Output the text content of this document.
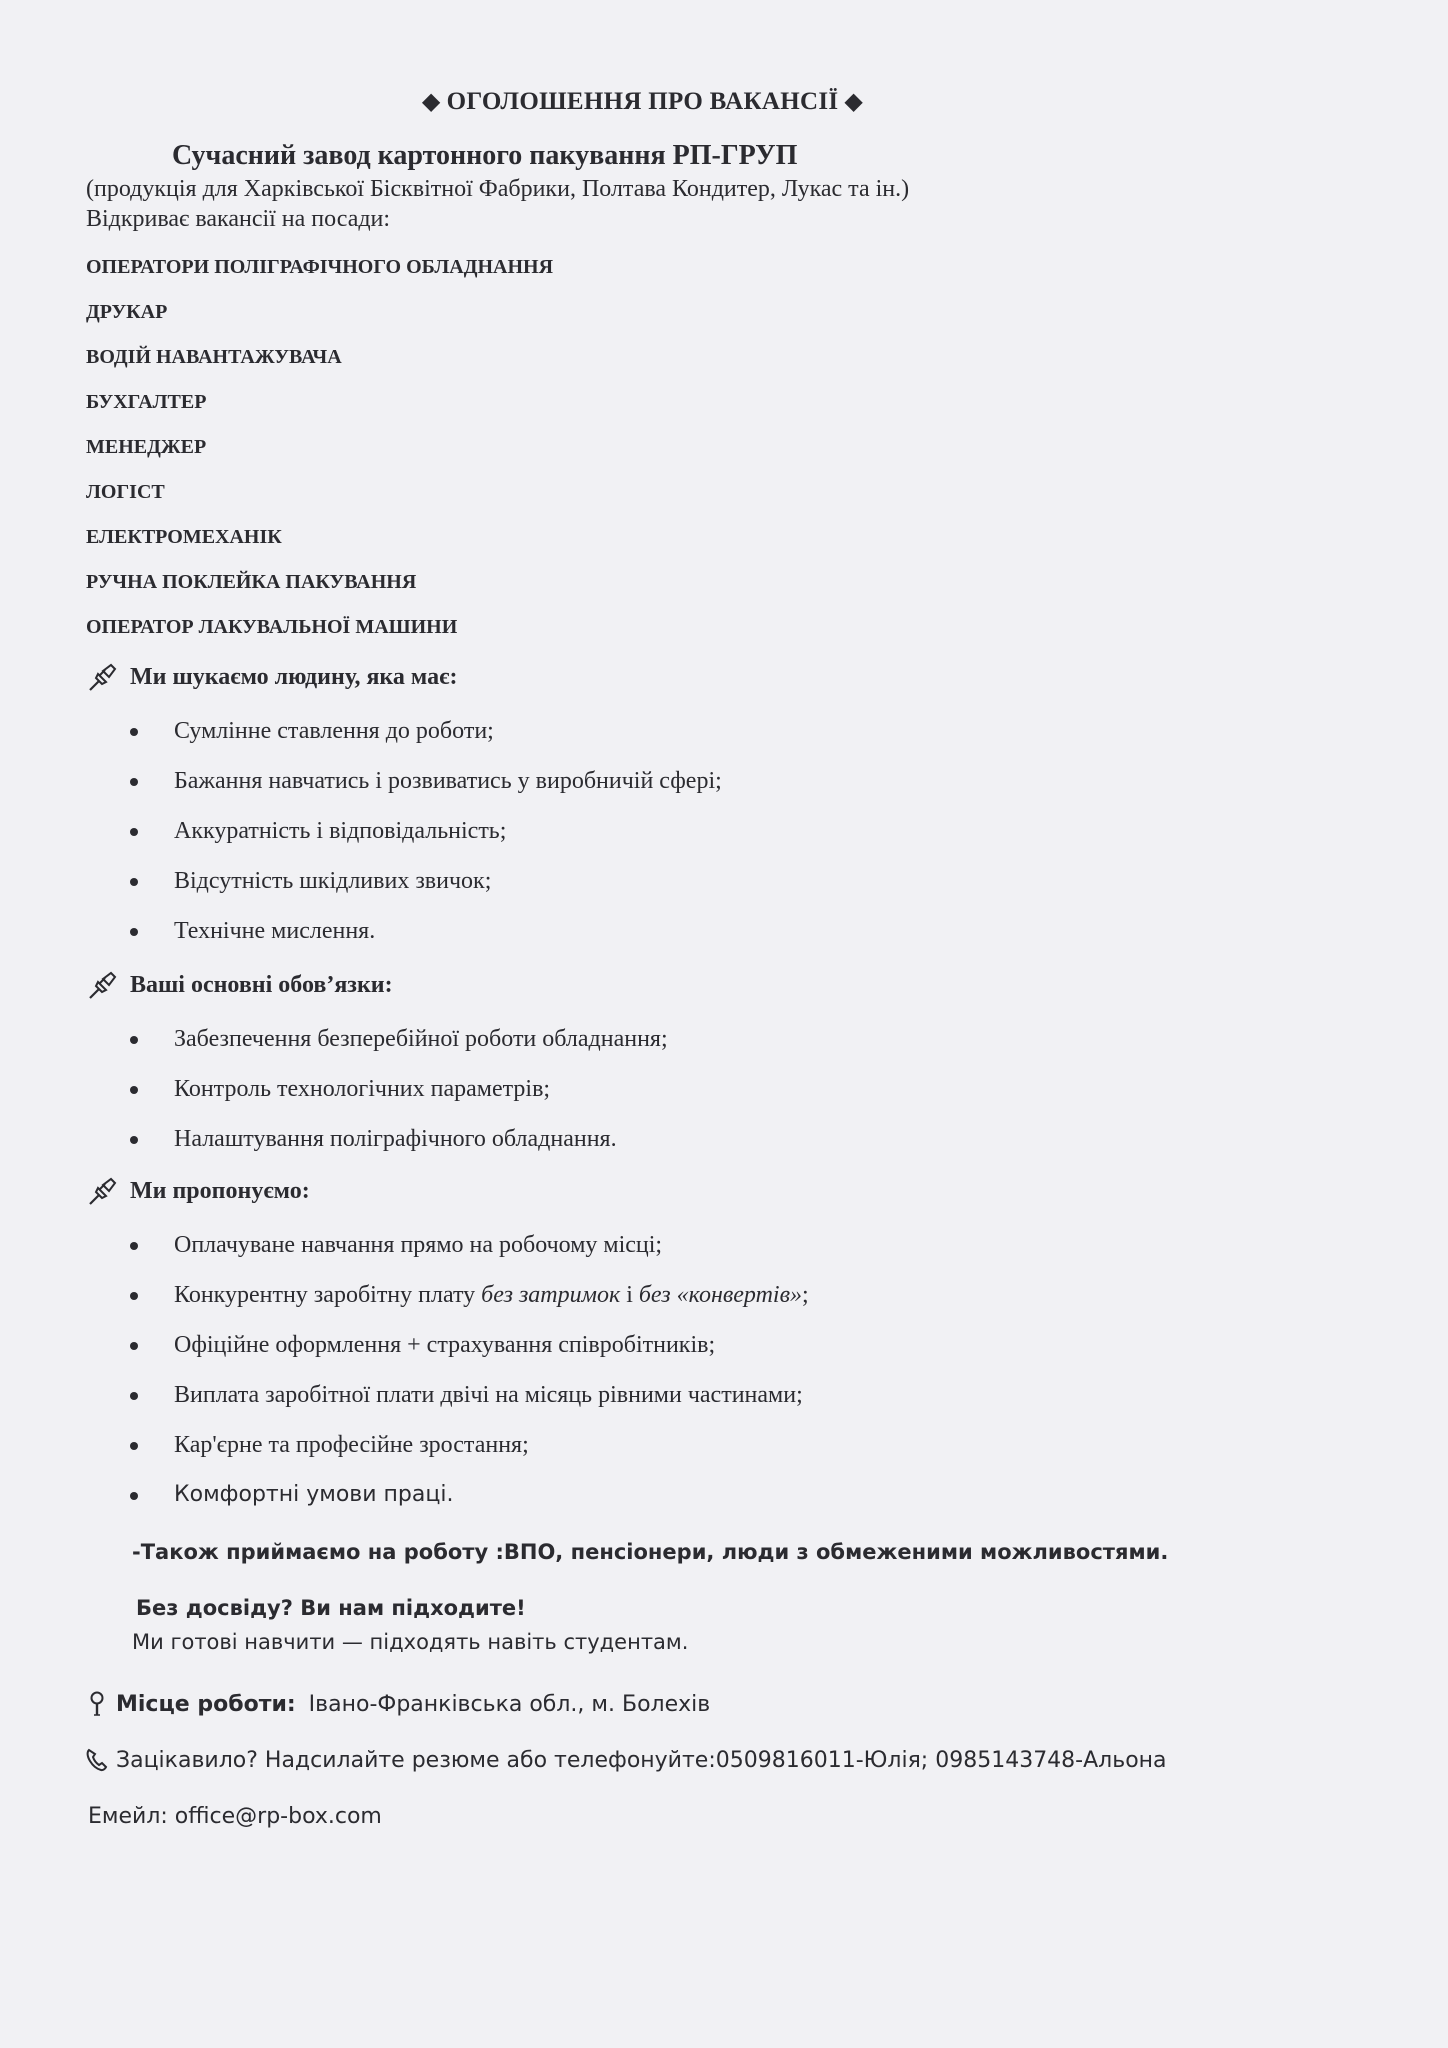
◆ ОГОЛОШЕННЯ ПРО ВАКАНСІЇ ◆
Сучасний завод картонного пакування РП-ГРУП
(продукція для Харківської Бісквітної Фабрики, Полтава Кондитер, Лукас та ін.)
Відкриває вакансії на посади:
ОПЕРАТОРИ ПОЛІГРАФІЧНОГО ОБЛАДНАННЯ
ДРУКАР
ВОДІЙ НАВАНТАЖУВАЧА
БУХГАЛТЕР
МЕНЕДЖЕР
ЛОГІСТ
ЕЛЕКТРОМЕХАНІК
РУЧНА ПОКЛЕЙКА ПАКУВАННЯ
ОПЕРАТОР ЛАКУВАЛЬНОЇ МАШИНИ
Ми шукаємо людину, яка має:
Сумлінне ставлення до роботи;
Бажання навчатись і розвиватись у виробничій сфері;
Аккуратність і відповідальність;
Відсутність шкідливих звичок;
Технічне мислення.
Ваші основні обов’язки:
Забезпечення безперебійної роботи обладнання;
Контроль технологічних параметрів;
Налаштування поліграфічного обладнання.
Ми пропонуємо:
Оплачуване навчання прямо на робочому місці;
Конкурентну заробітну плату без затримок і без «конвертів»;
Офіційне оформлення + страхування співробітників;
Виплата заробітної плати двічі на місяць рівними частинами;
Кар'єрне та професійне зростання;
Комфортні умови праці.
-Також приймаємо на роботу :ВПО, пенсіонери, люди з обмеженими можливостями.
Без досвіду? Ви нам підходите!
Ми готові навчити — підходять навіть студентам.
Місце роботи: Івано-Франківська обл., м. Болехів
Зацікавило? Надсилайте резюме або телефонуйте:0509816011-Юлія; 0985143748-Альона
Емейл: office@rp-box.com
